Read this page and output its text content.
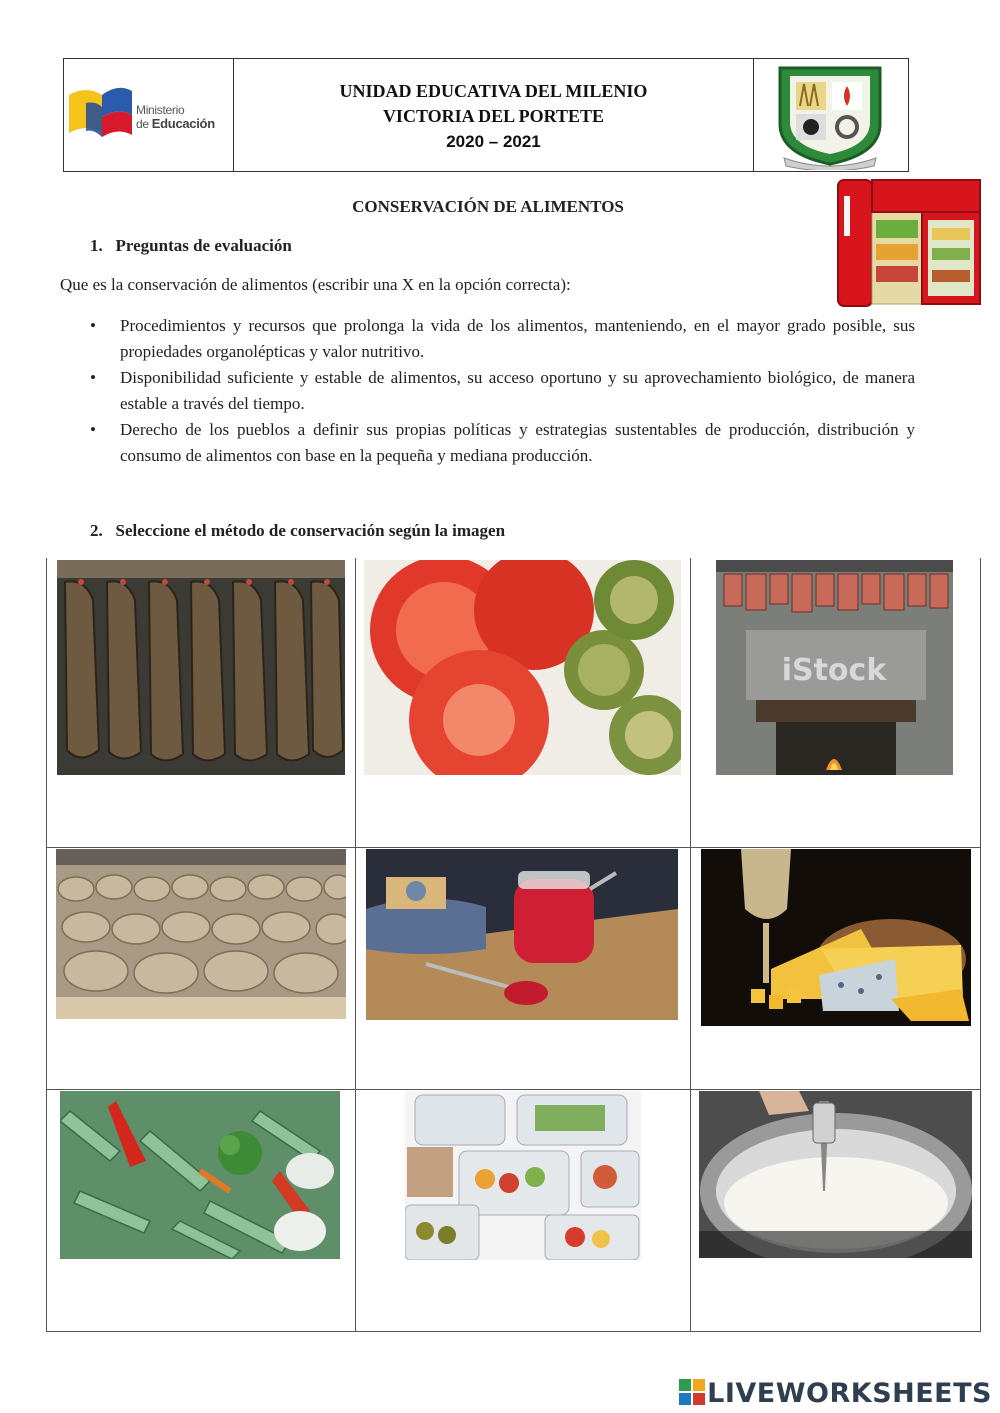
Ministerio
de Educación
UNIDAD EDUCATIVA DEL MILENIO
VICTORIA DEL PORTETE
2020 – 2021
CONSERVACIÓN DE ALIMENTOS
1. Preguntas de evaluación
Que es la conservación de alimentos (escribir una X en la opción correcta):
• Procedimientos y recursos que prolonga la vida de los alimentos, manteniendo, en el mayor grado posible, sus propiedades organolépticas y valor nutritivo.
• Disponibilidad suficiente y estable de alimentos, su acceso oportuno y su aprovechamiento biológico, de manera estable a través del tiempo.
• Derecho de los pueblos a definir sus propias políticas y estrategias sustentables de producción, distribución y consumo de alimentos con base en la pequeña y mediana producción.
2. Seleccione el método de conservación según la imagen
iStock
LIVEWORKSHEETS
